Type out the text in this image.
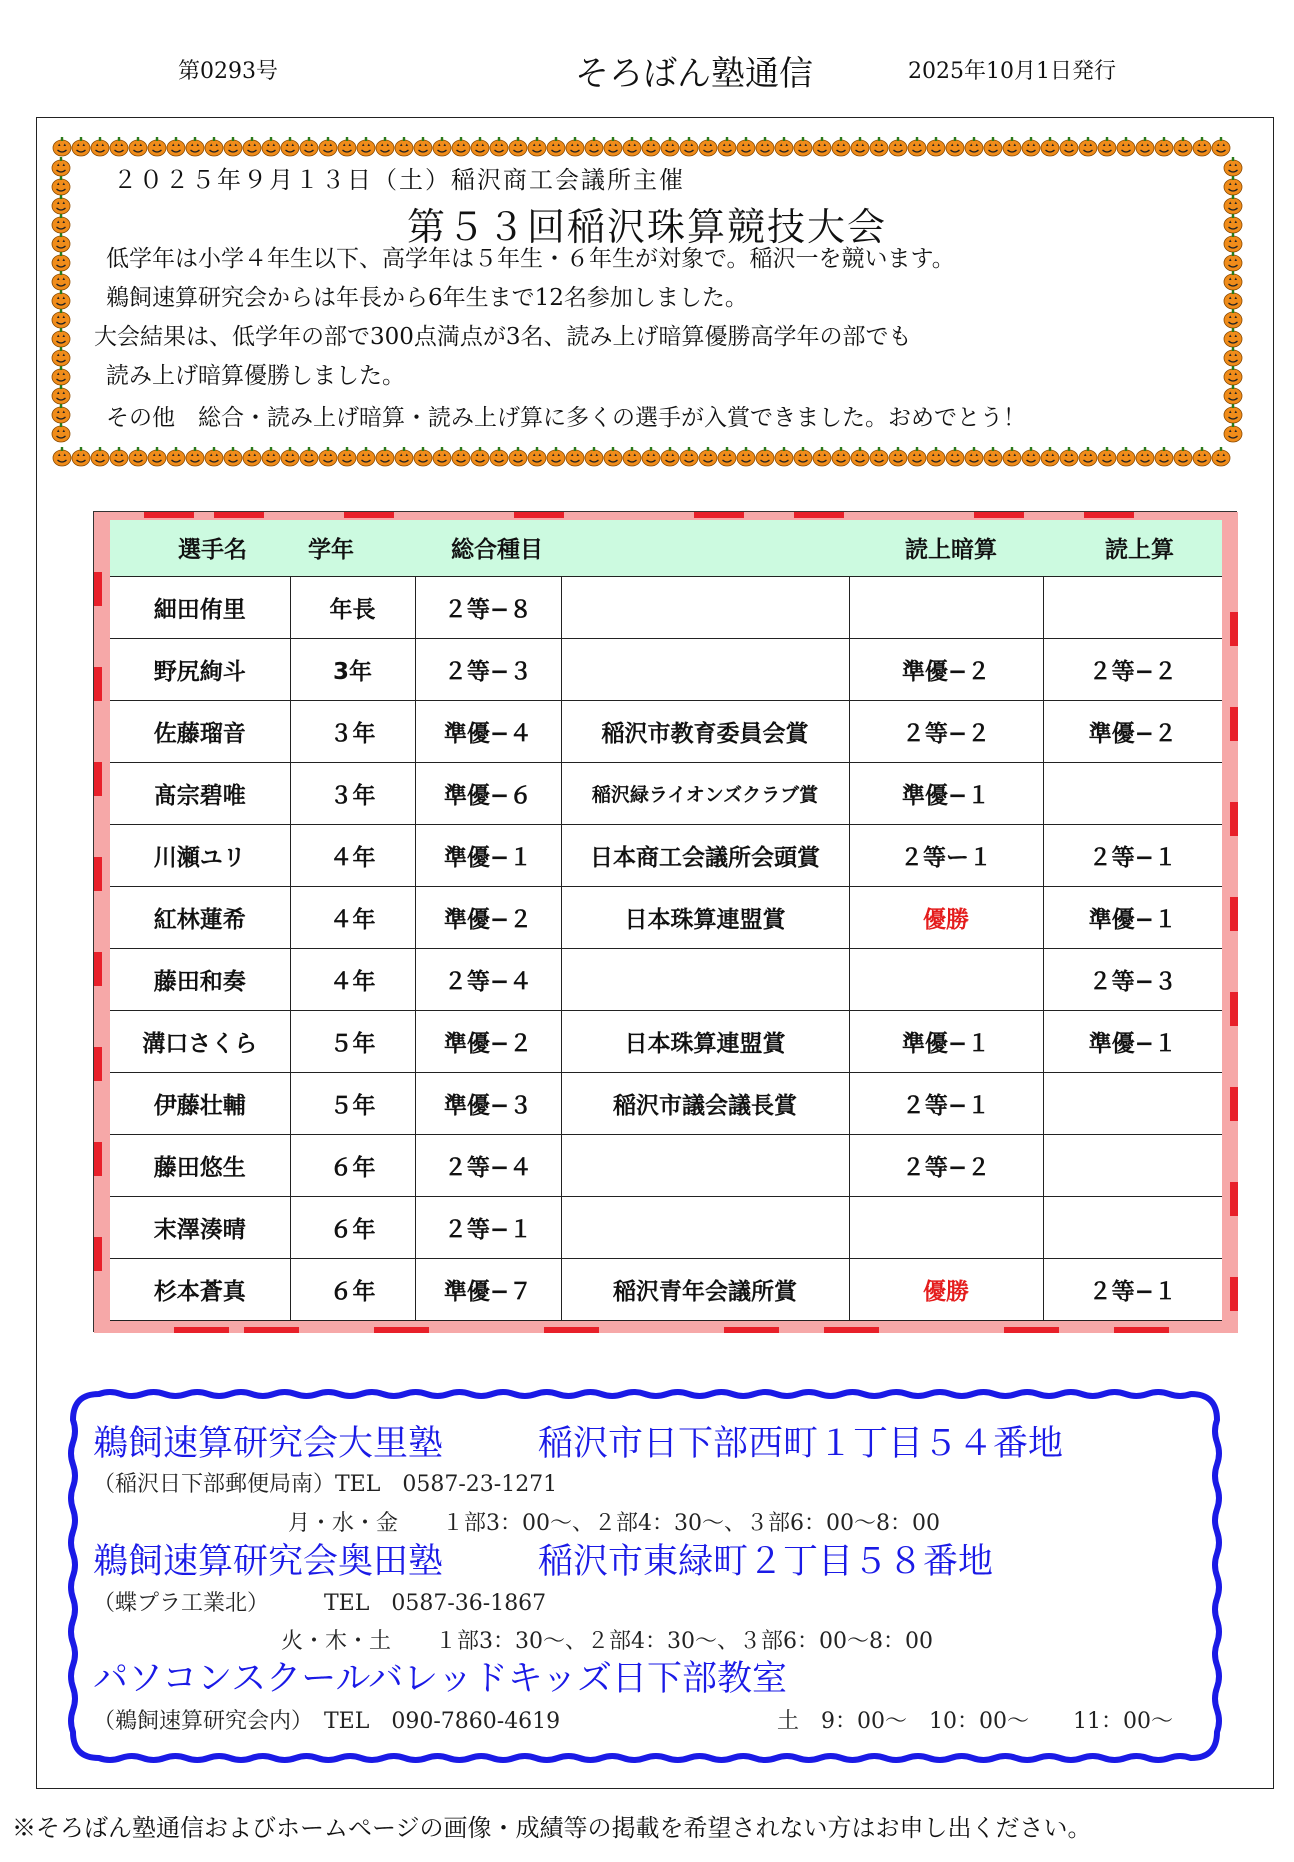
第0293号	そろばん塾通信	2025年10月1日発行
２０２５年９月１３日（土）稲沢商工会議所主催
第５３回稲沢珠算競技大会
低学年は小学４年生以下、高学年は５年生・６年生が対象で。稲沢一を競います。
鵜飼速算研究会からは年長から6年生まで12名参加しました。
大会結果は、低学年の部で300点満点が3名、読み上げ暗算優勝高学年の部でも
読み上げ暗算優勝しました。
その他　総合・読み上げ暗算・読み上げ算に多くの選手が入賞できました。おめでとう！
選手名	学年	総合種目		読上暗算	読上算
細田侑里	年長	２等−８			
野尻絢斗	3年	２等−３		準優−２	２等−２
佐藤瑠音	３年	準優−４	稲沢市教育委員会賞	２等−２	準優−２
髙宗碧唯	３年	準優−６	稲沢緑ライオンズクラブ賞	準優−１	
川瀬ユリ	４年	準優−１	日本商工会議所会頭賞	２等ー１	２等−１
紅林蓮希	４年	準優−２	日本珠算連盟賞	優勝	準優−１
藤田和奏	４年	２等−４			２等−３
溝口さくら	５年	準優−２	日本珠算連盟賞	準優−１	準優−１
伊藤壮輔	５年	準優−３	稲沢市議会議長賞	２等−１	
藤田悠生	６年	２等−４		２等−２	
末澤湊晴	６年	２等−１			
杉本蒼真	６年	準優−７	稲沢青年会議所賞	優勝	２等−１
鵜飼速算研究会大里塾	稲沢市日下部西町１丁目５４番地
（稲沢日下部郵便局南）TEL　0587-23-1271
月・水・金　　１部3：00～、２部4：30～、３部6：00～8：00
鵜飼速算研究会奥田塾	稲沢市東緑町２丁目５８番地
（蝶プラ工業北）　　　TEL　0587-36-1867
火・木・土　　１部3：30～、２部4：30～、３部6：00～8：00
パソコンスクールバレッドキッズ日下部教室
（鵜飼速算研究会内）　TEL　090-7860-4619	土　9：00～　10：00～　　11：00～
※そろばん塾通信およびホームページの画像・成績等の掲載を希望されない方はお申し出ください。
